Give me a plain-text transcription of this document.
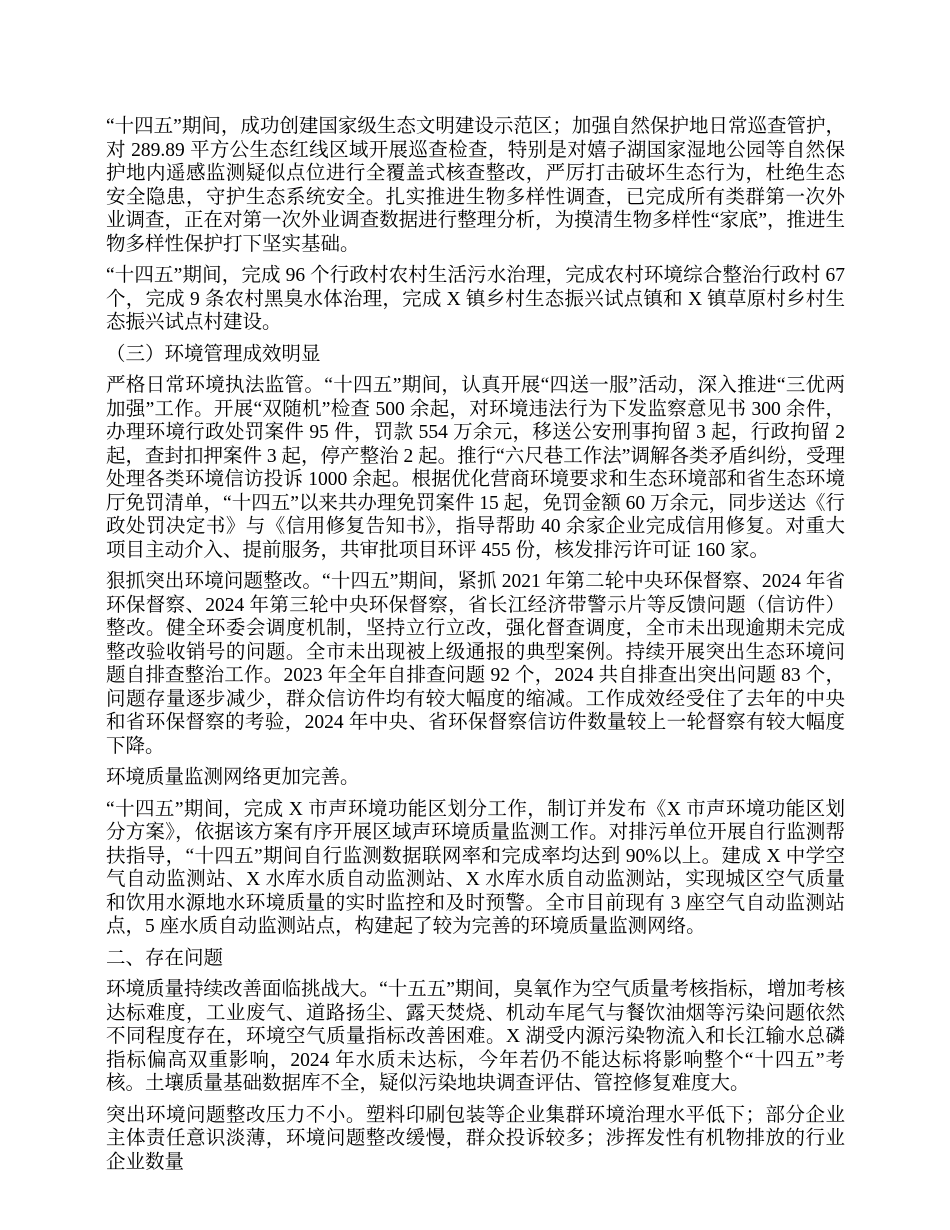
“十四五”期间，成功创建国家级生态文明建设示范区；加强自然保护地日常巡查管护，对 289.89 平方公生态红线区域开展巡查检查，特别是对嬉子湖国家湿地公园等自然保护地内遥感监测疑似点位进行全覆盖式核查整改，严厉打击破坏生态行为，杜绝生态安全隐患，守护生态系统安全。扎实推进生物多样性调查，已完成所有类群第一次外业调查，正在对第一次外业调查数据进行整理分析，为摸清生物多样性“家底”，推进生物多样性保护打下坚实基础。

“十四五”期间，完成 96 个行政村农村生活污水治理，完成农村环境综合整治行政村 67 个，完成 9 条农村黑臭水体治理，完成 X 镇乡村生态振兴试点镇和 X 镇草原村乡村生态振兴试点村建设。

（三）环境管理成效明显

严格日常环境执法监管。“十四五”期间，认真开展“四送一服”活动，深入推进“三优两加强”工作。开展“双随机”检查 500 余起，对环境违法行为下发监察意见书 300 余件，办理环境行政处罚案件 95 件，罚款 554 万余元，移送公安刑事拘留 3 起，行政拘留 2 起，查封扣押案件 3 起，停产整治 2 起。推行“六尺巷工作法”调解各类矛盾纠纷，受理处理各类环境信访投诉 1000 余起。根据优化营商环境要求和生态环境部和省生态环境厅免罚清单，“十四五”以来共办理免罚案件 15 起，免罚金额 60 万余元，同步送达《行政处罚决定书》与《信用修复告知书》，指导帮助 40 余家企业完成信用修复。对重大项目主动介入、提前服务，共审批项目环评 455 份，核发排污许可证 160 家。

狠抓突出环境问题整改。“十四五”期间，紧抓 2021 年第二轮中央环保督察、2024 年省环保督察、2024 年第三轮中央环保督察，省长江经济带警示片等反馈问题（信访件）整改。健全环委会调度机制，坚持立行立改，强化督查调度，全市未出现逾期未完成整改验收销号的问题。全市未出现被上级通报的典型案例。持续开展突出生态环境问题自排查整治工作。2023 年全年自排查问题 92 个，2024 共自排查出突出问题 83 个，问题存量逐步减少，群众信访件均有较大幅度的缩减。工作成效经受住了去年的中央和省环保督察的考验，2024 年中央、省环保督察信访件数量较上一轮督察有较大幅度下降。

环境质量监测网络更加完善。

“十四五”期间，完成 X 市声环境功能区划分工作，制订并发布《X 市声环境功能区划分方案》，依据该方案有序开展区域声环境质量监测工作。对排污单位开展自行监测帮扶指导，“十四五”期间自行监测数据联网率和完成率均达到 90%以上。建成 X 中学空气自动监测站、X 水库水质自动监测站、X 水库水质自动监测站，实现城区空气质量和饮用水源地水环境质量的实时监控和及时预警。全市目前现有 3 座空气自动监测站点，5 座水质自动监测站点，构建起了较为完善的环境质量监测网络。

二、存在问题

环境质量持续改善面临挑战大。“十五五”期间，臭氧作为空气质量考核指标，增加考核达标难度，工业废气、道路扬尘、露天焚烧、机动车尾气与餐饮油烟等污染问题依然不同程度存在，环境空气质量指标改善困难。X 湖受内源污染物流入和长江输水总磷指标偏高双重影响，2024 年水质未达标，今年若仍不能达标将影响整个“十四五”考核。土壤质量基础数据库不全，疑似污染地块调查评估、管控修复难度大。

突出环境问题整改压力不小。塑料印刷包装等企业集群环境治理水平低下；部分企业主体责任意识淡薄，环境问题整改缓慢，群众投诉较多；涉挥发性有机物排放的行业企业数量
